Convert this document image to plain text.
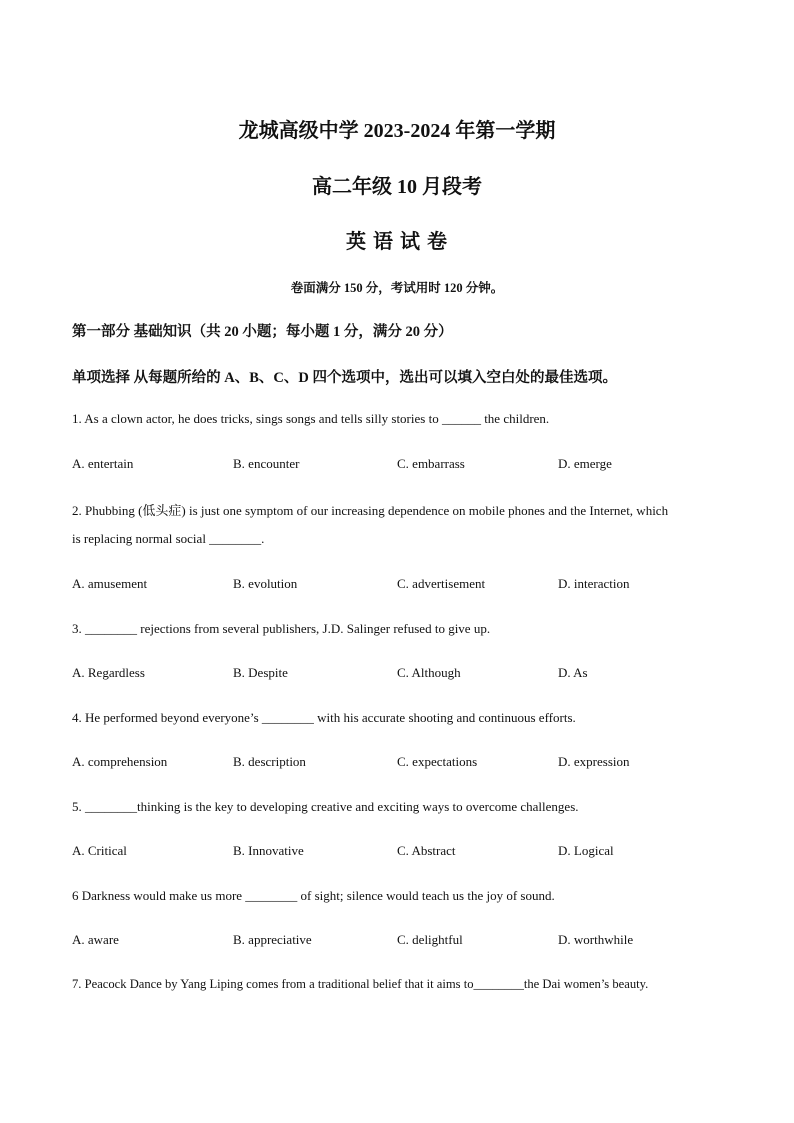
龙城高级中学 2023-2024 年第一学期
高二年级 10 月段考
英 语 试 卷
卷面满分 150 分，考试用时 120 分钟。
第一部分 基础知识（共 20 小题；每小题 1 分，满分 20 分）
单项选择 从每题所给的 A、B、C、D 四个选项中，选出可以填入空白处的最佳选项。
1. As a clown actor, he does tricks, sings songs and tells silly stories to ______ the children.
A. entertain	B. encounter	C. embarrass	D. emerge
2. Phubbing (低头症) is just one symptom of our increasing dependence on mobile phones and the Internet, which
is replacing normal social ________.
A. amusement	B. evolution	C. advertisement	D. interaction
3. ________ rejections from several publishers, J.D. Salinger refused to give up.
A. Regardless	B. Despite	C. Although	D. As
4. He performed beyond everyone’s ________ with his accurate shooting and continuous efforts.
A. comprehension	B. description	C. expectations	D. expression
5. ________thinking is the key to developing creative and exciting ways to overcome challenges.
A. Critical	B. Innovative	C. Abstract	D. Logical
6 Darkness would make us more ________ of sight; silence would teach us the joy of sound.
A. aware	B. appreciative	C. delightful	D. worthwhile
7. Peacock Dance by Yang Liping comes from a traditional belief that it aims to________the Dai women’s beauty.
